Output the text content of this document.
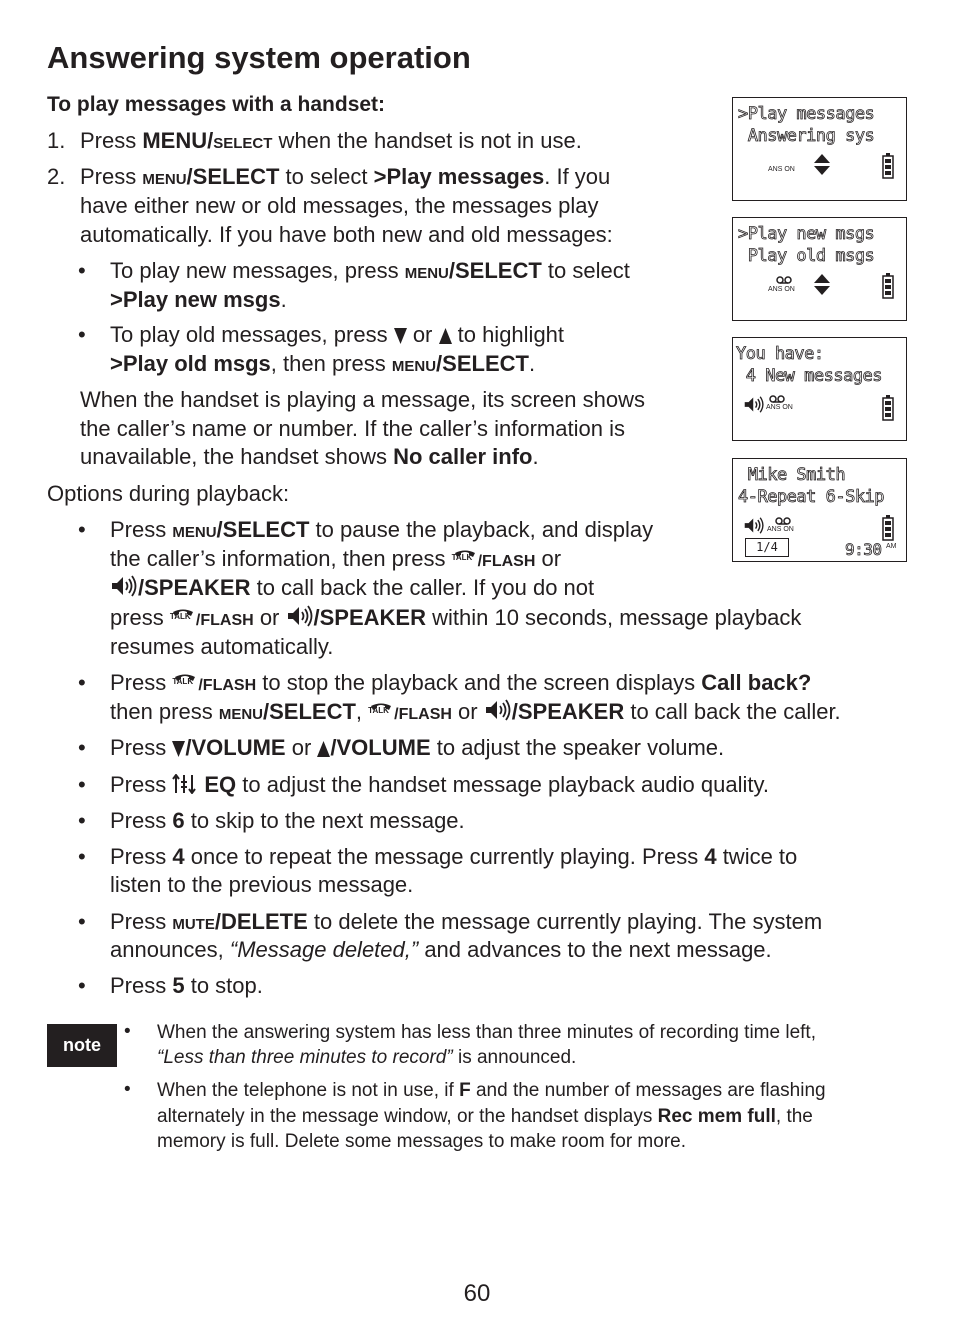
Answering system operation
To play messages with a handset:
1. Press MENU/SELECT when the handset is not in use.
2. Press MENU/SELECT to select >Play messages. If you
have either new or old messages, the messages play
automatically. If you have both new and old messages:
• To play new messages, press MENU/SELECT to select
>Play new msgs.
• To play old messages, press  or  to highlight
>Play old msgs, then press MENU/SELECT.
When the handset is playing a message, its screen shows
the caller’s name or number. If the caller’s information is
unavailable, the handset shows No caller info.
Options during playback:
• Press MENU/SELECT to pause the playback, and display
the caller’s information, then press TALK /FLASH or
/SPEAKER to call back the caller. If you do not
press TALK /FLASH or /SPEAKER within 10 seconds, message playback
resumes automatically.
• Press TALK /FLASH to stop the playback and the screen displays Call back?
then press MENU/SELECT, TALK /FLASH or /SPEAKER to call back the caller.
• Press /VOLUME or /VOLUME to adjust the speaker volume.
• Press EQ to adjust the handset message playback audio quality.
• Press 6 to skip to the next message.
• Press 4 once to repeat the message currently playing. Press 4 twice to
listen to the previous message.
• Press MUTE/DELETE to delete the message currently playing. The system
announces, “Message deleted,” and advances to the next message.
• Press 5 to stop.
>Play messages
Answering sys
ANS ON
>Play new msgs
Play old msgs
ANS ON
You have:
4 New messages
ANS ON
Mike Smith
4-Repeat 6-Skip
ANS ON
1/4	9:30 AM
note
• When the answering system has less than three minutes of recording time left,
“Less than three minutes to record” is announced.
• When the telephone is not in use, if F and the number of messages are flashing
alternately in the message window, or the handset displays Rec mem full, the
memory is full. Delete some messages to make room for more.
60
